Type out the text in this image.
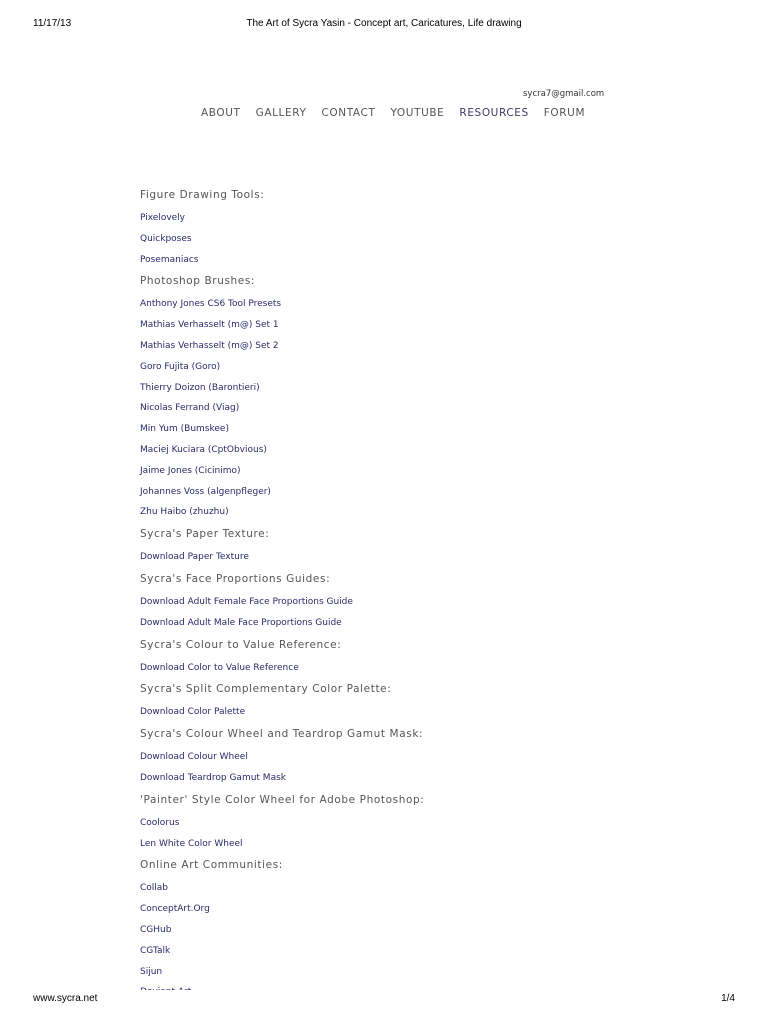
11/17/13	The Art of Sycra Yasin - Concept art, Caricatures, Life drawing
sycra7@gmail.com
ABOUT GALLERY CONTACT YOUTUBE RESOURCES FORUM
Figure Drawing Tools:
Pixelovely
Quickposes
Posemaniacs
Photoshop Brushes:
Anthony Jones CS6 Tool Presets
Mathias Verhasselt (m@) Set 1
Mathias Verhasselt (m@) Set 2
Goro Fujita (Goro)
Thierry Doizon (Barontieri)
Nicolas Ferrand (Viag)
Min Yum (Bumskee)
Maciej Kuciara (CptObvious)
Jaime Jones (Cicinimo)
Johannes Voss (algenpfleger)
Zhu Haibo (zhuzhu)
Sycra's Paper Texture:
Download Paper Texture
Sycra's Face Proportions Guides:
Download Adult Female Face Proportions Guide
Download Adult Male Face Proportions Guide
Sycra's Colour to Value Reference:
Download Color to Value Reference
Sycra's Split Complementary Color Palette:
Download Color Palette
Sycra's Colour Wheel and Teardrop Gamut Mask:
Download Colour Wheel
Download Teardrop Gamut Mask
'Painter' Style Color Wheel for Adobe Photoshop:
Coolorus
Len White Color Wheel
Online Art Communities:
Collab
ConceptArt.Org
CGHub
CGTalk
Sijun
www.sycra.net	1/4
